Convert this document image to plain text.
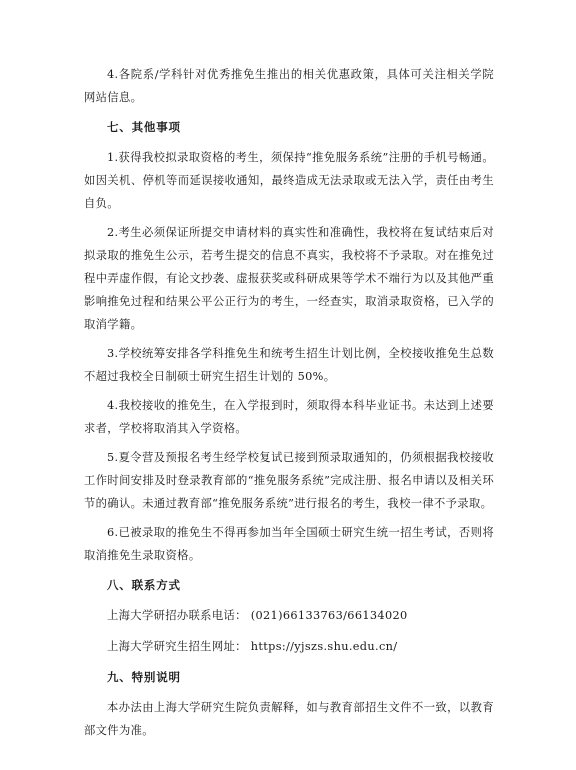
4.各院系/学科针对优秀推免生推出的相关优惠政策，具体可关注相关学院网站信息。

七、其他事项

1.获得我校拟录取资格的考生，须保持“推免服务系统”注册的手机号畅通。如因关机、停机等而延误接收通知，最终造成无法录取或无法入学，责任由考生自负。

2.考生必须保证所提交申请材料的真实性和准确性，我校将在复试结束后对拟录取的推免生公示，若考生提交的信息不真实，我校将不予录取。对在推免过程中弄虚作假，有论文抄袭、虚报获奖或科研成果等学术不端行为以及其他严重影响推免过程和结果公平公正行为的考生，一经查实，取消录取资格，已入学的取消学籍。

3.学校统筹安排各学科推免生和统考生招生计划比例，全校接收推免生总数不超过我校全日制硕士研究生招生计划的 50%。

4.我校接收的推免生，在入学报到时，须取得本科毕业证书。未达到上述要求者，学校将取消其入学资格。

5.夏令营及预报名考生经学校复试已接到预录取通知的，仍须根据我校接收工作时间安排及时登录教育部的“推免服务系统”完成注册、报名申请以及相关环节的确认。未通过教育部“推免服务系统”进行报名的考生，我校一律不予录取。

6.已被录取的推免生不得再参加当年全国硕士研究生统一招生考试，否则将取消推免生录取资格。

八、联系方式
上海大学研招办联系电话： (021)66133763/66134020
上海大学研究生招生网址： https://yjszs.shu.edu.cn/
九、特别说明

本办法由上海大学研究生院负责解释，如与教育部招生文件不一致，以教育部文件为准。
